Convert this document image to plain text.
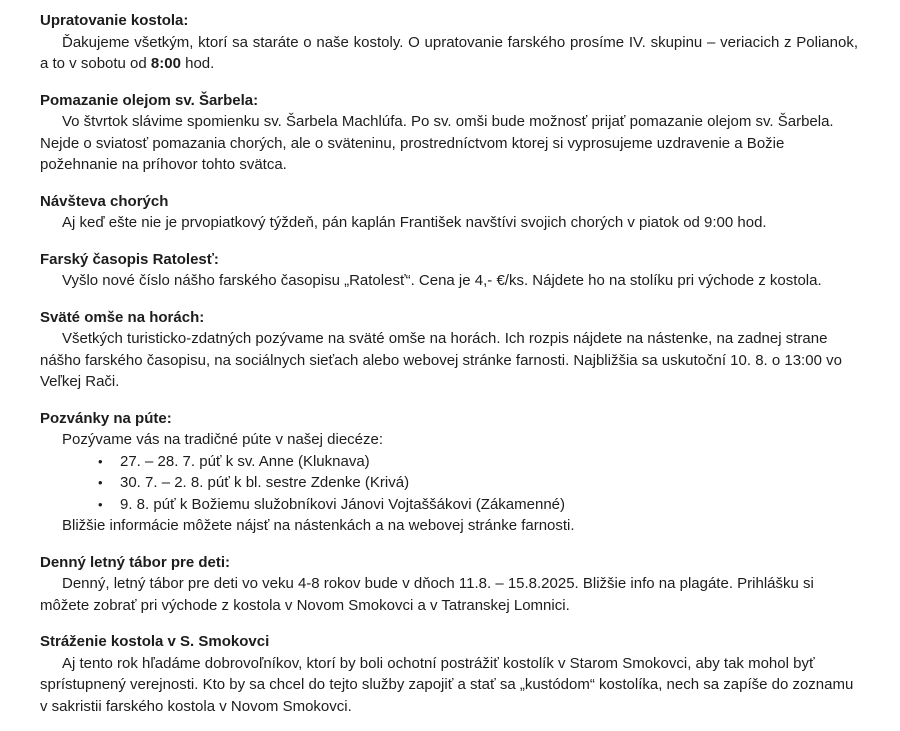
Upratovanie kostola:

Ďakujeme všetkým, ktorí sa staráte o naše kostoly. O upratovanie farského prosíme IV. skupinu – veriacich z Polianok, a to v sobotu od 8:00 hod.

Pomazanie olejom sv. Šarbela:

Vo štvrtok slávime spomienku sv. Šarbela Machlúfa. Po sv. omši bude možnosť prijať pomazanie olejom sv. Šarbela. Nejde o sviatosť pomazania chorých, ale o sväteninu, prostredníctvom ktorej si vyprosujeme uzdravenie a Božie požehnanie na príhovor tohto svätca.

Návšteva chorých

Aj keď ešte nie je prvopiatkový týždeň, pán kaplán František navštívi svojich chorých v piatok od 9:00 hod.

Farský časopis Ratolesť:

Vyšlo nové číslo nášho farského časopisu „Ratolesť“. Cena je 4,- €/ks. Nájdete ho na stolíku pri východe z kostola.

Sväté omše na horách:

Všetkých turisticko-zdatných pozývame na sväté omše na horách. Ich rozpis nájdete na nástenke, na zadnej strane nášho farského časopisu, na sociálnych sieťach alebo webovej stránke farnosti. Najbližšia sa uskutoční 10. 8. o 13:00 vo Veľkej Rači.

Pozvánky na púte:

Pozývame vás na tradičné púte v našej diecéze:

• 27. – 28. 7. púť k sv. Anne (Kluknava)
• 30. 7. – 2. 8. púť k bl. sestre Zdenke (Krivá)
• 9. 8. púť k Božiemu služobníkovi Jánovi Vojtaššákovi (Zákamenné)

Bližšie informácie môžete nájsť na nástenkách a na webovej stránke farnosti.

Denný letný tábor pre deti:

Denný, letný tábor pre deti vo veku 4-8 rokov bude v dňoch 11.8. – 15.8.2025. Bližšie info na plagáte. Prihlášku si môžete zobrať pri východe z kostola v Novom Smokovci a v Tatranskej Lomnici.

Stráženie kostola v S. Smokovci

Aj tento rok hľadáme dobrovoľníkov, ktorí by boli ochotní postrážiť kostolík v Starom Smokovci, aby tak mohol byť sprístupnený verejnosti. Kto by sa chcel do tejto služby zapojiť a stať sa „kustódom“ kostolíka, nech sa zapíše do zoznamu v sakristii farského kostola v Novom Smokovci.
